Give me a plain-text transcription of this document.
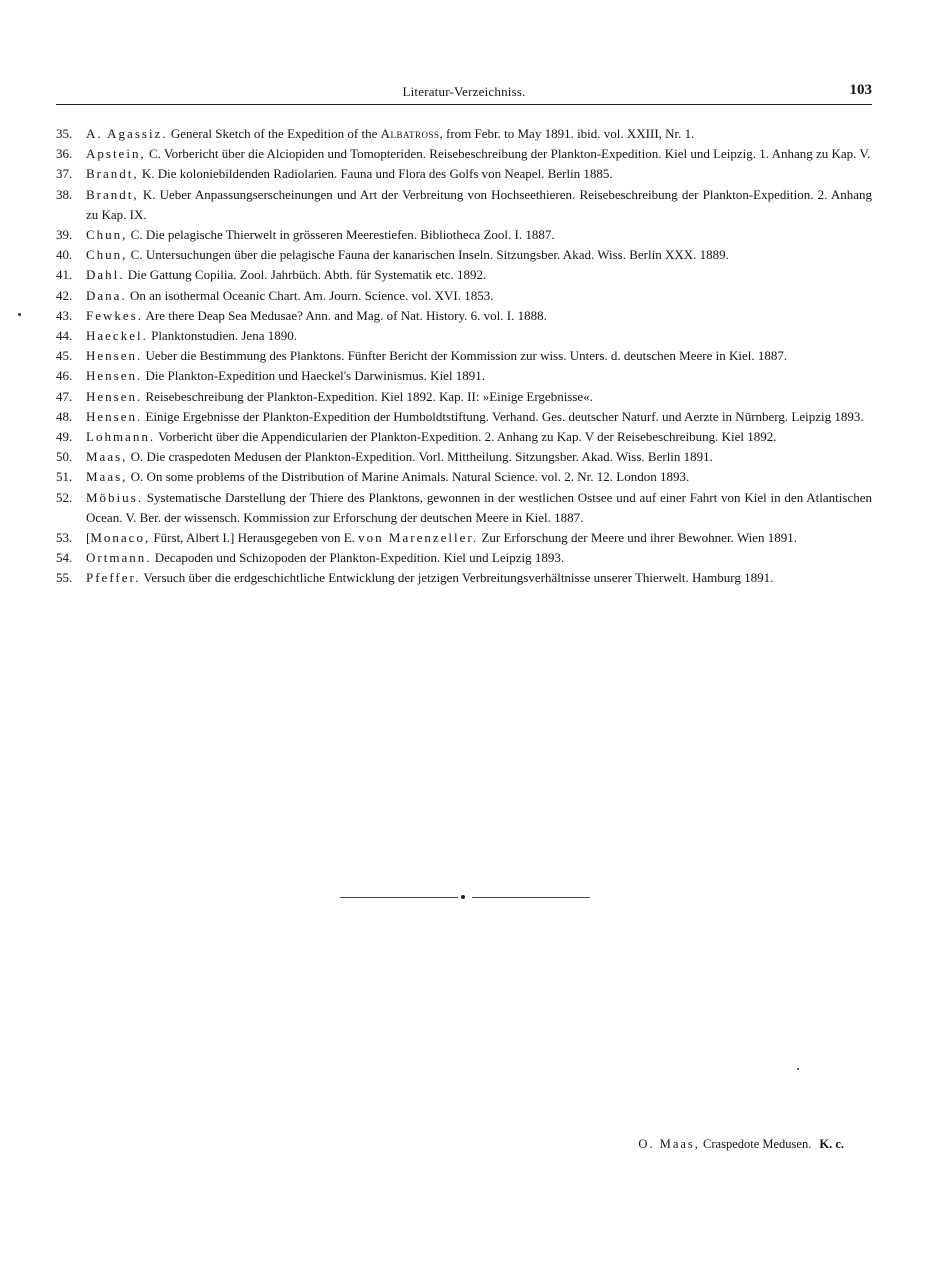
Literatur-Verzeichniss.	103
35. A. Agassiz. General Sketch of the Expedition of the Albatross, from Febr. to May 1891. ibid. vol. XXIII, Nr. 1.
36. Apstein, C. Vorbericht über die Alciopiden und Tomopteriden. Reisebeschreibung der Plankton-Expedition. Kiel und Leipzig. 1. Anhang zu Kap. V.
37. Brandt, K. Die koloniebildenden Radiolarien. Fauna und Flora des Golfs von Neapel. Berlin 1885.
38. Brandt, K. Ueber Anpassungserscheinungen und Art der Verbreitung von Hochseethieren. Reisebeschreibung der Plankton-Expedition. 2. Anhang zu Kap. IX.
39. Chun, C. Die pelagische Thierwelt in grösseren Meerestiefen. Bibliotheca Zool. I. 1887.
40. Chun, C. Untersuchungen über die pelagische Fauna der kanarischen Inseln. Sitzungsber. Akad. Wiss. Berlin XXX. 1889.
41. Dahl. Die Gattung Copilia. Zool. Jahrbüch. Abth. für Systematik etc. 1892.
42. Dana. On an isothermal Oceanic Chart. Am. Journ. Science. vol. XVI. 1853.
43. Fewkes. Are there Deap Sea Medusae? Ann. and Mag. of Nat. History. 6. vol. I. 1888.
44. Haeckel. Planktonstudien. Jena 1890.
45. Hensen. Ueber die Bestimmung des Planktons. Fünfter Bericht der Kommission zur wiss. Unters. d. deutschen Meere in Kiel. 1887.
46. Hensen. Die Plankton-Expedition und Haeckel's Darwinismus. Kiel 1891.
47. Hensen. Reisebeschreibung der Plankton-Expedition. Kiel 1892. Kap. II: »Einige Ergebnisse«.
48. Hensen. Einige Ergebnisse der Plankton-Expedition der Humboldtstiftung. Verhand. Ges. deutscher Naturf. und Aerzte in Nürnberg. Leipzig 1893.
49. Lohmann. Vorbericht über die Appendicularien der Plankton-Expedition. 2. Anhang zu Kap. V der Reisebeschreibung. Kiel 1892.
50. Maas, O. Die craspedoten Medusen der Plankton-Expedition. Vorl. Mittheilung. Sitzungsber. Akad. Wiss. Berlin 1891.
51. Maas, O. On some problems of the Distribution of Marine Animals. Natural Science. vol. 2. Nr. 12. London 1893.
52. Möbius. Systematische Darstellung der Thiere des Planktons, gewonnen in der westlichen Ostsee und auf einer Fahrt von Kiel in den Atlantischen Ocean. V. Ber. der wissensch. Kommission zur Erforschung der deutschen Meere in Kiel. 1887.
53. [Monaco, Fürst, Albert I.] Herausgegeben von E. von Marenzeller. Zur Erforschung der Meere und ihrer Bewohner. Wien 1891.
54. Ortmann. Decapoden und Schizopoden der Plankton-Expedition. Kiel und Leipzig 1893.
55. Pfeffer. Versuch über die erdgeschichtliche Entwicklung der jetzigen Verbreitungsverhältnisse unserer Thierwelt. Hamburg 1891.
O. Maas, Craspedote Medusen. K. c.
